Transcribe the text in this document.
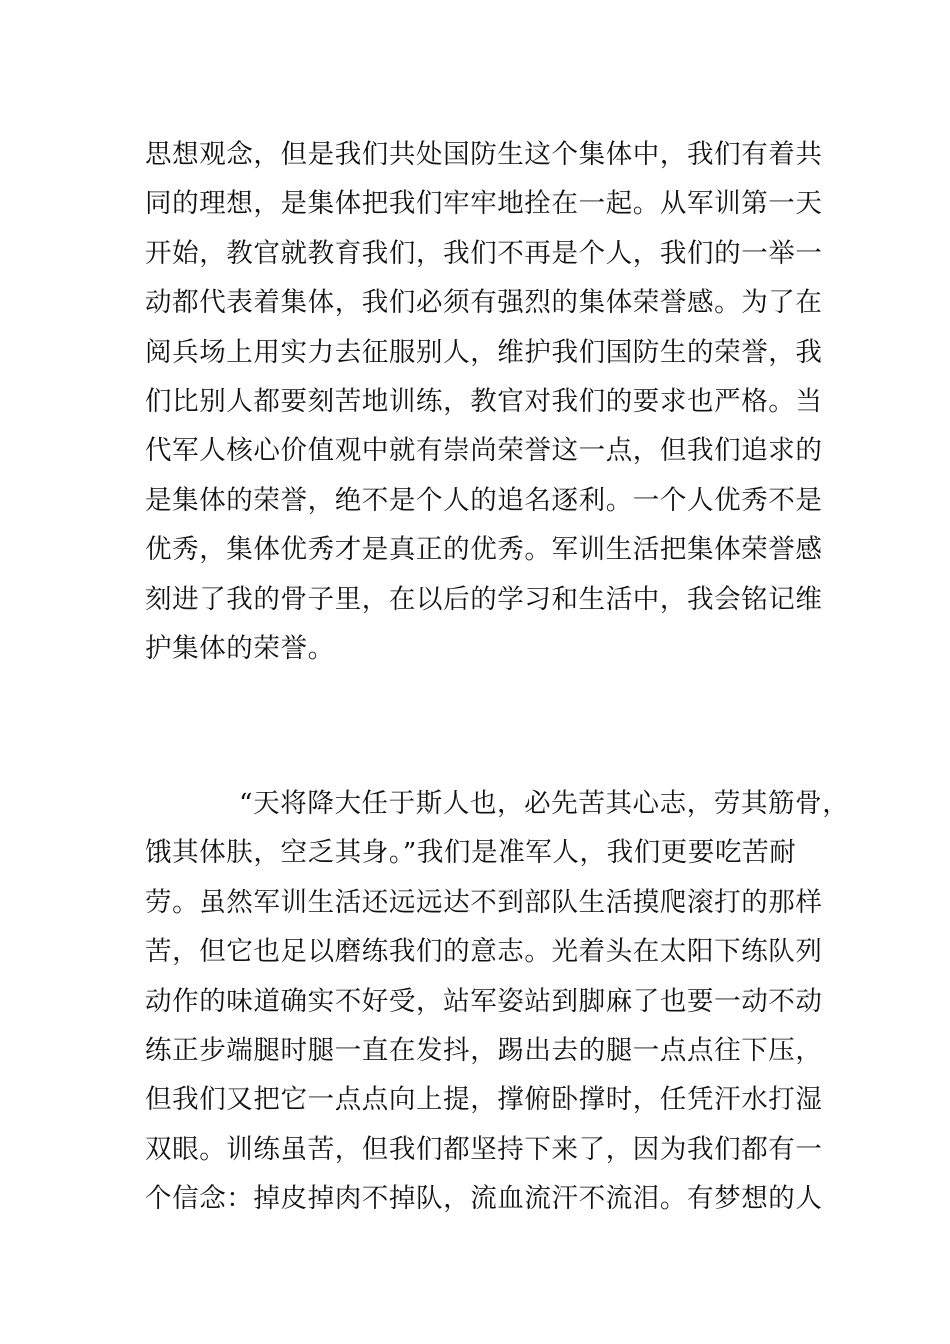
思想观念，但是我们共处国防生这个集体中，我们有着共
同的理想，是集体把我们牢牢地拴在一起。从军训第一天
开始，教官就教育我们，我们不再是个人，我们的一举一
动都代表着集体，我们必须有强烈的集体荣誉感。为了在
阅兵场上用实力去征服别人，维护我们国防生的荣誉，我
们比别人都要刻苦地训练，教官对我们的要求也严格。当
代军人核心价值观中就有崇尚荣誉这一点，但我们追求的
是集体的荣誉，绝不是个人的追名逐利。一个人优秀不是
优秀，集体优秀才是真正的优秀。军训生活把集体荣誉感
刻进了我的骨子里，在以后的学习和生活中，我会铭记维
护集体的荣誉。
“天将降大任于斯人也，必先苦其心志，劳其筋骨，
饿其体肤，空乏其身。”我们是准军人，我们更要吃苦耐
劳。虽然军训生活还远远达不到部队生活摸爬滚打的那样
苦，但它也足以磨练我们的意志。光着头在太阳下练队列
动作的味道确实不好受，站军姿站到脚麻了也要一动不动
练正步端腿时腿一直在发抖，踢出去的腿一点点往下压，
但我们又把它一点点向上提，撑俯卧撑时，任凭汗水打湿
双眼。训练虽苦，但我们都坚持下来了，因为我们都有一
个信念：掉皮掉肉不掉队，流血流汗不流泪。有梦想的人
